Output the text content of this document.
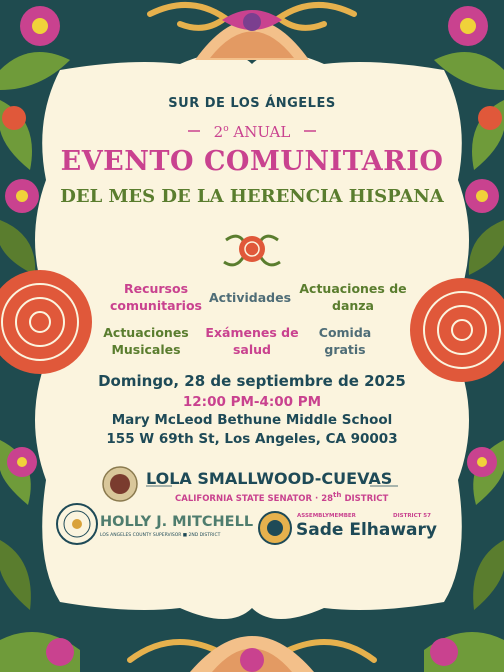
SUR DE LOS ÁNGELES
2$^o$ ANUAL
EVENTO COMUNITARIO
DEL MES DE LA HERENCIA HISPANA
Recursos
comunitarios
Actividades
Actuaciones de
danza
Actuaciones
Musicales
Exámenes de
salud
Comida
gratis
Domingo, 28 de septiembre de 2025
12:00 PM-4:00 PM
Mary McLeod Bethune Middle School
155 W 69th St, Los Angeles, CA 90003
LOLA SMALLWOOD-CUEVAS
CALIFORNIA STATE SENATOR · 28th DISTRICT
HOLLY J. MITCHELL
LOS ANGELES COUNTY SUPERVISOR ■ 2ND DISTRICT
ASSEMBLYMEMBER	DISTRICT 57
Sade Elhawary
